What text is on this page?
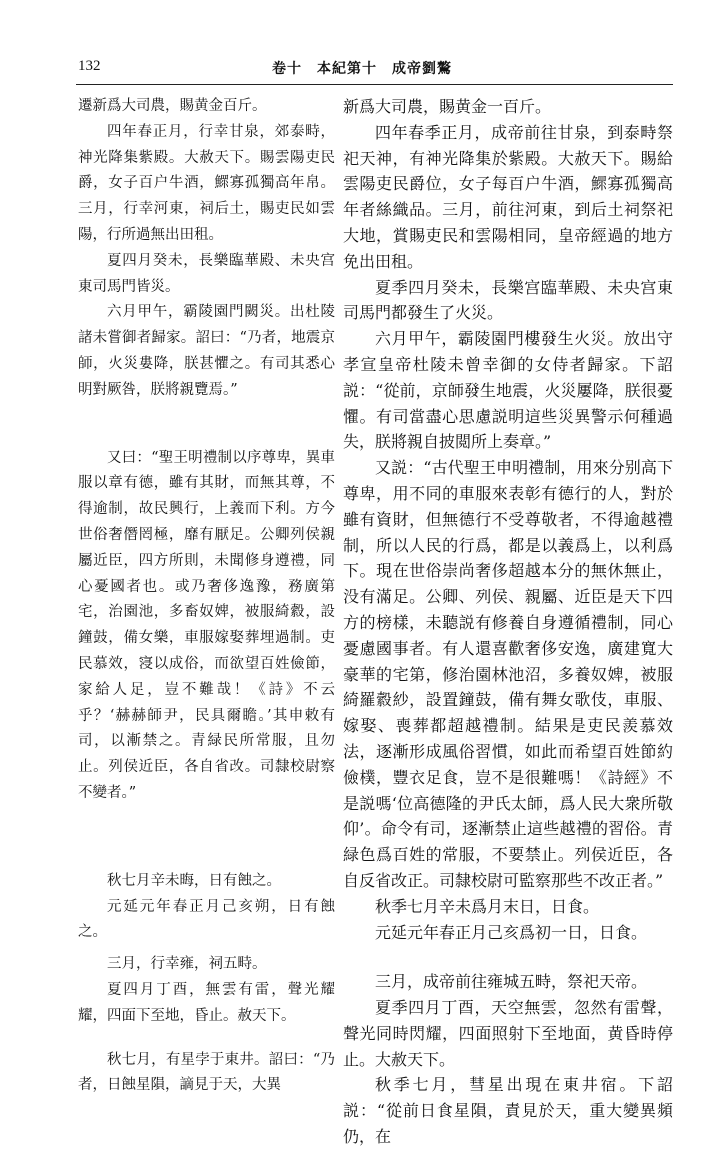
132	卷十　本紀第十　成帝劉驁

遷新爲大司農，賜黄金百斤。

四年春正月，行幸甘泉，郊泰畤，神光降集紫殿。大赦天下。賜雲陽吏民爵，女子百户牛酒，鰥寡孤獨高年帛。三月，行幸河東，祠后土，賜吏民如雲陽，行所過無出田租。

夏四月癸未，長樂臨華殿、未央宫東司馬門皆災。

六月甲午，霸陵園門闕災。出杜陵諸未嘗御者歸家。詔曰：“乃者，地震京師，火災婁降，朕甚懼之。有司其悉心明對厥咎，朕將親覽焉。”

又曰：“聖王明禮制以序尊卑，異車服以章有德，雖有其財，而無其尊，不得逾制，故民興行，上義而下利。方今世俗奢僭罔極，靡有厭足。公卿列侯親屬近臣，四方所則，未聞修身遵禮，同心憂國者也。或乃奢侈逸豫，務廣第宅，治園池，多畜奴婢，被服綺縠，設鐘鼓，備女樂，車服嫁娶葬埋過制。吏民慕效，寖以成俗，而欲望百姓儉節，家給人足，豈不難哉！《詩》不云乎？‘赫赫師尹，民具爾瞻。’其申敕有司，以漸禁之。青緑民所常服，且勿止。列侯近臣，各自省改。司隸校尉察不變者。”

秋七月辛未晦，日有蝕之。

元延元年春正月己亥朔，日有蝕之。

三月，行幸雍，祠五畤。

夏四月丁酉，無雲有雷，聲光耀耀，四面下至地，昏止。赦天下。

秋七月，有星孛于東井。詔曰：“乃者，日蝕星隕，謫見于天，大異

新爲大司農，賜黄金一百斤。

四年春季正月，成帝前往甘泉，到泰畤祭祀天神，有神光降集於紫殿。大赦天下。賜給雲陽吏民爵位，女子每百户牛酒，鰥寡孤獨高年者絲織品。三月，前往河東，到后土祠祭祀大地，賞賜吏民和雲陽相同，皇帝經過的地方免出田租。

夏季四月癸未，長樂宫臨華殿、未央宫東司馬門都發生了火災。

六月甲午，霸陵園門樓發生火災。放出守孝宣皇帝杜陵未曾幸御的女侍者歸家。下詔説：“從前，京師發生地震，火災屢降，朕很憂懼。有司當盡心思慮説明這些災異警示何種過失，朕將親自披閲所上奏章。”

又説：“古代聖王申明禮制，用來分别高下尊卑，用不同的車服來表彰有德行的人，對於雖有資財，但無德行不受尊敬者，不得逾越禮制，所以人民的行爲，都是以義爲上，以利爲下。現在世俗崇尚奢侈超越本分的無休無止，没有滿足。公卿、列侯、親屬、近臣是天下四方的榜樣，未聽説有修養自身遵循禮制，同心憂慮國事者。有人還喜歡奢侈安逸，廣建寬大豪華的宅第，修治園林池沼，多養奴婢，被服綺羅縠紗，設置鐘鼓，備有舞女歌伎，車服、嫁娶、喪葬都超越禮制。結果是吏民羨慕效法，逐漸形成風俗習慣，如此而希望百姓節約儉樸，豐衣足食，豈不是很難嗎！《詩經》不是説嗎‘位高德隆的尹氏太師，爲人民大衆所敬仰’。命令有司，逐漸禁止這些越禮的習俗。青緑色爲百姓的常服，不要禁止。列侯近臣，各自反省改正。司隸校尉可監察那些不改正者。”

秋季七月辛未爲月末日，日食。

元延元年春正月己亥爲初一日，日食。

三月，成帝前往雍城五畤，祭祀天帝。

夏季四月丁酉，天空無雲，忽然有雷聲，聲光同時閃耀，四面照射下至地面，黄昏時停止。大赦天下。

秋季七月，彗星出現在東井宿。下詔説：“從前日食星隕，責見於天，重大變異頻仍，在
